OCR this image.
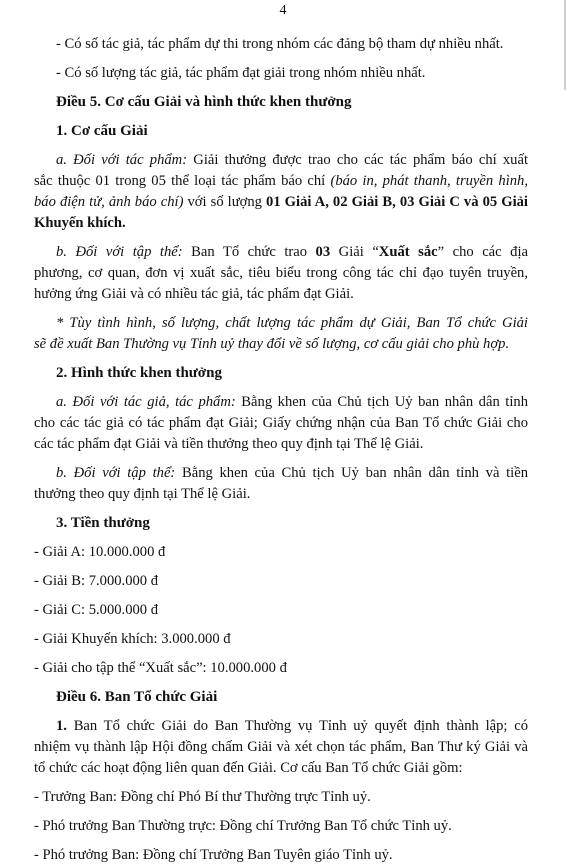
4
- Có số tác giả, tác phẩm dự thi trong nhóm các đảng bộ tham dự nhiều nhất.
- Có số lượng tác giả, tác phẩm đạt giải trong nhóm nhiều nhất.
Điều 5. Cơ cấu Giải và hình thức khen thưởng
1. Cơ cấu Giải
a. Đối với tác phẩm: Giải thưởng được trao cho các tác phẩm báo chí xuất
sắc thuộc 01 trong 05 thể loại tác phẩm báo chí (báo in, phát thanh, truyền hình,
báo điện tử, ảnh báo chí) với số lượng 01 Giải A, 02 Giải B, 03 Giải C và 05 Giải
Khuyến khích.
b. Đối với tập thể: Ban Tổ chức trao 03 Giải “Xuất sắc” cho các địa
phương, cơ quan, đơn vị xuất sắc, tiêu biểu trong công tác chỉ đạo tuyên truyền,
hưởng ứng Giải và có nhiều tác giả, tác phẩm đạt Giải.
* Tùy tình hình, số lượng, chất lượng tác phẩm dự Giải, Ban Tổ chức Giải
sẽ đề xuất Ban Thường vụ Tỉnh uỷ thay đổi về số lượng, cơ cấu giải cho phù hợp.
2. Hình thức khen thưởng
a. Đối với tác giả, tác phẩm: Bằng khen của Chủ tịch Uỷ ban nhân dân tỉnh
cho các tác giả có tác phẩm đạt Giải; Giấy chứng nhận của Ban Tổ chức Giải cho
các tác phẩm đạt Giải và tiền thưởng theo quy định tại Thể lệ Giải.
b. Đối với tập thể: Bằng khen của Chủ tịch Uỷ ban nhân dân tỉnh và tiền
thưởng theo quy định tại Thể lệ Giải.
3. Tiền thưởng
- Giải A: 10.000.000 đ
- Giải B: 7.000.000 đ
- Giải C: 5.000.000 đ
- Giải Khuyến khích: 3.000.000 đ
- Giải cho tập thể “Xuất sắc”: 10.000.000 đ
Điều 6. Ban Tổ chức Giải
1. Ban Tổ chức Giải do Ban Thường vụ Tỉnh uỷ quyết định thành lập; có
nhiệm vụ thành lập Hội đồng chấm Giải và xét chọn tác phẩm, Ban Thư ký Giải và
tổ chức các hoạt động liên quan đến Giải. Cơ cấu Ban Tổ chức Giải gồm:
- Trưởng Ban: Đồng chí Phó Bí thư Thường trực Tỉnh uỷ.
- Phó trưởng Ban Thường trực: Đồng chí Trưởng Ban Tổ chức Tỉnh uỷ.
- Phó trưởng Ban: Đồng chí Trưởng Ban Tuyên giáo Tỉnh uỷ.
